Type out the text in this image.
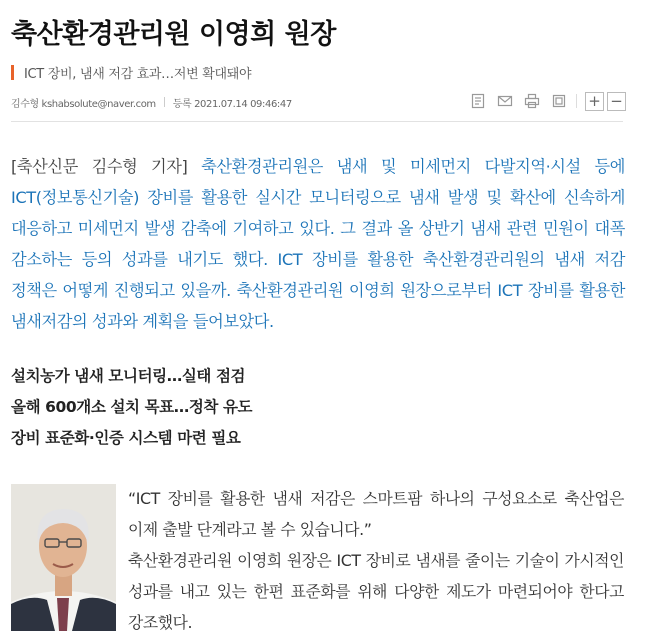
축산환경관리원 이영희 원장
ICT 장비, 냄새 저감 효과…저변 확대돼야
김수형 kshabsolute@naver.com 등록 2021.07.14 09:46:47	+ −
[축산신문 김수형 기자] 축산환경관리원은 냄새 및 미세먼지 다발지역·시설 등에 ICT(정보통신기술) 장비를 활용한 실시간 모니터링으로 냄새 발생 및 확산에 신속하게 대응하고 미세먼지 발생 감축에 기여하고 있다. 그 결과 올 상반기 냄새 관련 민원이 대폭 감소하는 등의 성과를 내기도 했다. ICT 장비를 활용한 축산환경관리원의 냄새 저감 정책은 어떻게 진행되고 있을까. 축산환경관리원 이영희 원장으로부터 ICT 장비를 활용한 냄새저감의 성과와 계획을 들어보았다.
설치농가 냄새 모니터링…실태 점검
올해 600개소 설치 목표…정착 유도
장비 표준화·인증 시스템 마련 필요
“ICT 장비를 활용한 냄새 저감은 스마트팜 하나의 구성요소로 축산업은 이제 출발 단계라고 볼 수 있습니다.”
축산환경관리원 이영희 원장은 ICT 장비로 냄새를 줄이는 기술이 가시적인 성과를 내고 있는 한편 표준화를 위해 다양한 제도가 마련되어야 한다고 강조했다.
